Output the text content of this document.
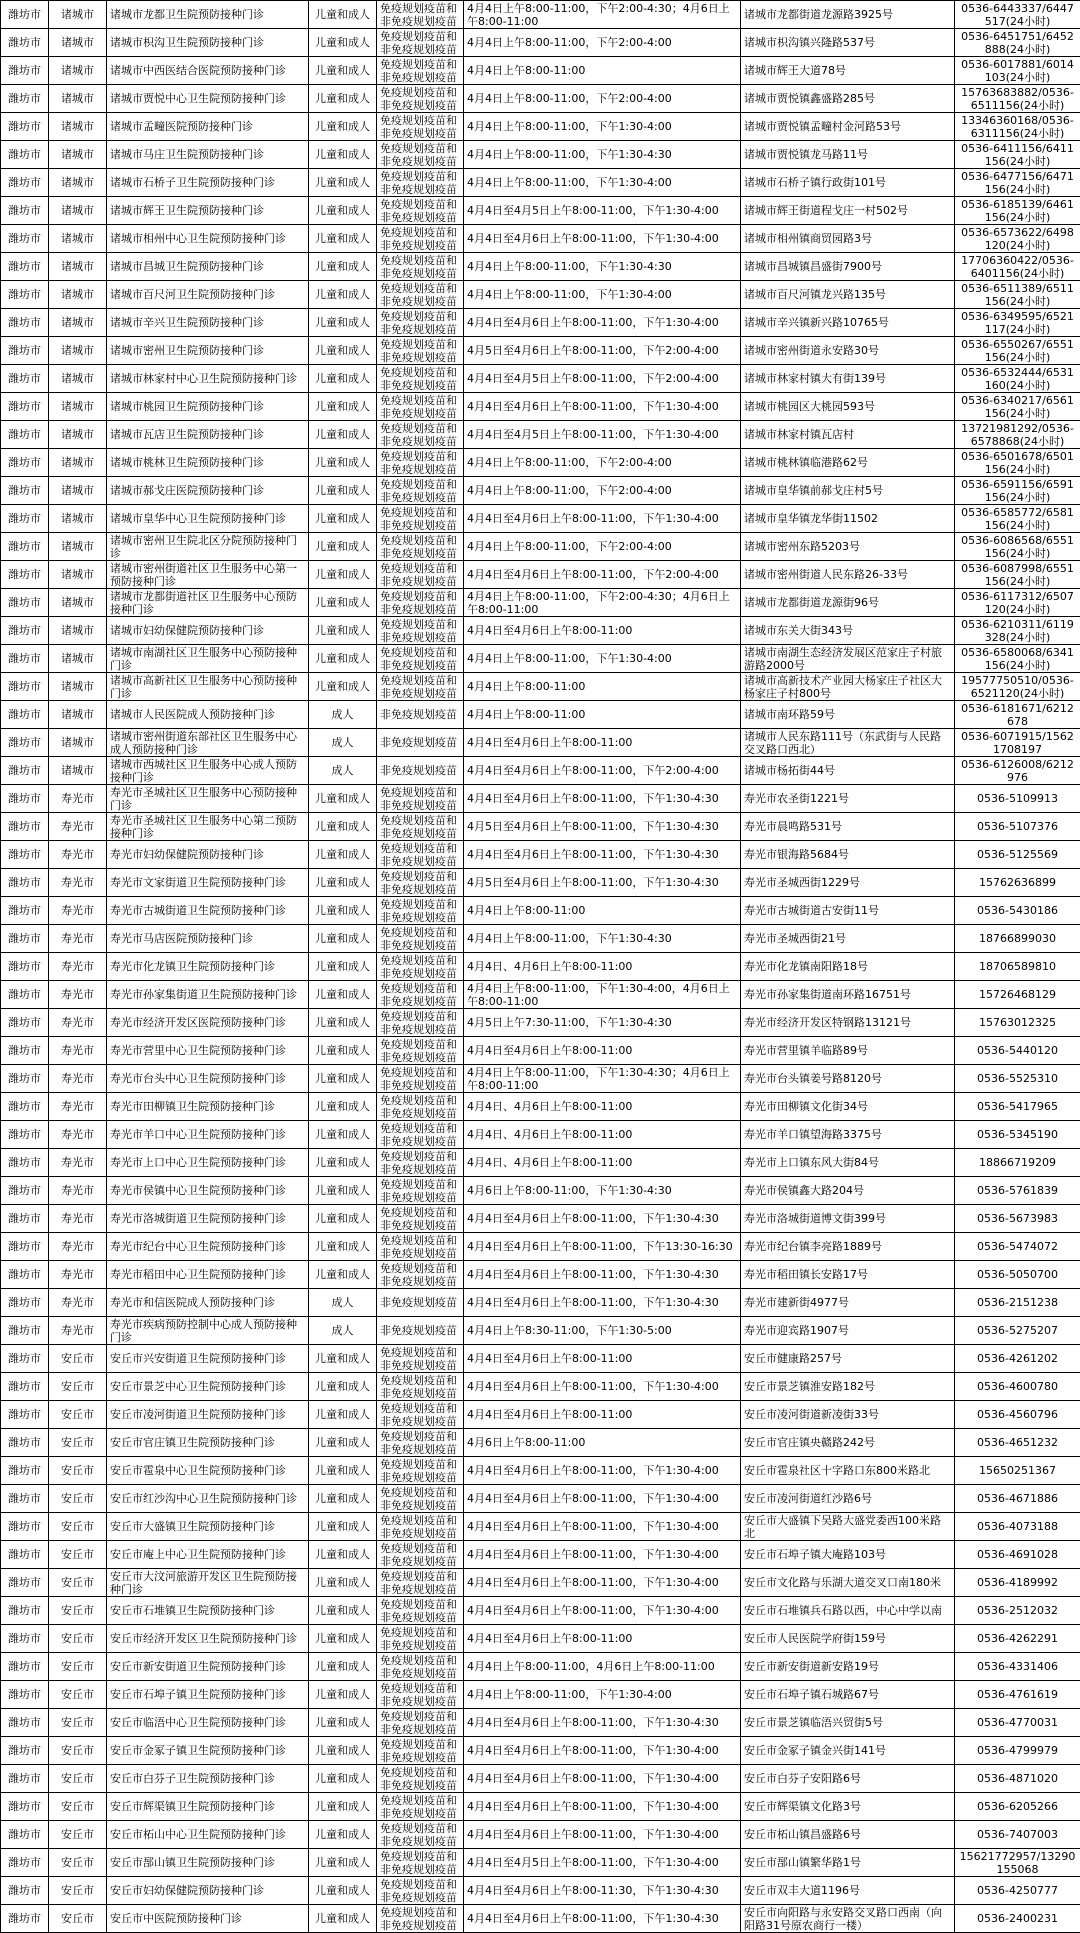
潍坊市	诸城市	诸城市龙都卫生院预防接种门诊	儿童和成人	免疫规划疫苗和非免疫规划疫苗	4月4日上午8:00-11:00，下午2:00-4:30；4月6日上午8:00-11:00	诸城市龙都街道龙源路3925号	0536-6443337/6447517(24小时)
潍坊市	诸城市	诸城市枳沟卫生院预防接种门诊	儿童和成人	免疫规划疫苗和非免疫规划疫苗	4月4日上午8:00-11:00，下午2:00-4:00	诸城市枳沟镇兴隆路537号	0536-6451751/6452888(24小时)
潍坊市	诸城市	诸城市中西医结合医院预防接种门诊	儿童和成人	免疫规划疫苗和非免疫规划疫苗	4月4日上午8:00-11:00	诸城市辉王大道78号	0536-6017881/6014103(24小时)
潍坊市	诸城市	诸城市贾悦中心卫生院预防接种门诊	儿童和成人	免疫规划疫苗和非免疫规划疫苗	4月4日上午8:00-11:00，下午2:00-4:00	诸城市贾悦镇鑫盛路285号	15763683882/0536-6511156(24小时)
潍坊市	诸城市	诸城市孟疃医院预防接种门诊	儿童和成人	免疫规划疫苗和非免疫规划疫苗	4月4日上午8:00-11:00，下午1:30-4:00	诸城市贾悦镇孟疃村金河路53号	13346360168/0536-6311156(24小时)
潍坊市	诸城市	诸城市马庄卫生院预防接种门诊	儿童和成人	免疫规划疫苗和非免疫规划疫苗	4月4日上午8:00-11:00，下午1:30-4:30	诸城市贾悦镇龙马路11号	0536-6411156/6411156(24小时)
潍坊市	诸城市	诸城市石桥子卫生院预防接种门诊	儿童和成人	免疫规划疫苗和非免疫规划疫苗	4月4日上午8:00-11:00，下午1:30-4:00	诸城市石桥子镇行政街101号	0536-6477156/6471156(24小时)
潍坊市	诸城市	诸城市辉王卫生院预防接种门诊	儿童和成人	免疫规划疫苗和非免疫规划疫苗	4月4日至4月5日上午8:00-11:00，下午1:30-4:00	诸城市辉王街道程戈庄一村502号	0536-6185139/6461156(24小时)
潍坊市	诸城市	诸城市相州中心卫生院预防接种门诊	儿童和成人	免疫规划疫苗和非免疫规划疫苗	4月4日至4月6日上午8:00-11:00，下午1:30-4:00	诸城市相州镇商贸园路3号	0536-6573622/6498120(24小时)
潍坊市	诸城市	诸城市昌城卫生院预防接种门诊	儿童和成人	免疫规划疫苗和非免疫规划疫苗	4月4日上午8:00-11:00，下午1:30-4:30	诸城市昌城镇昌盛街7900号	17706360422/0536-6401156(24小时)
潍坊市	诸城市	诸城市百尺河卫生院预防接种门诊	儿童和成人	免疫规划疫苗和非免疫规划疫苗	4月4日上午8:00-11:00，下午1:30-4:00	诸城市百尺河镇龙兴路135号	0536-6511389/6511156(24小时)
潍坊市	诸城市	诸城市辛兴卫生院预防接种门诊	儿童和成人	免疫规划疫苗和非免疫规划疫苗	4月4日至4月6日上午8:00-11:00，下午1:30-4:00	诸城市辛兴镇新兴路10765号	0536-6349595/6521117(24小时)
潍坊市	诸城市	诸城市密州卫生院预防接种门诊	儿童和成人	免疫规划疫苗和非免疫规划疫苗	4月5日至4月6日上午8:00-11:00，下午2:00-4:00	诸城市密州街道永安路30号	0536-6550267/6551156(24小时)
潍坊市	诸城市	诸城市林家村中心卫生院预防接种门诊	儿童和成人	免疫规划疫苗和非免疫规划疫苗	4月4日至4月5日上午8:00-11:00，下午2:00-4:00	诸城市林家村镇大有街139号	0536-6532444/6531160(24小时)
潍坊市	诸城市	诸城市桃园卫生院预防接种门诊	儿童和成人	免疫规划疫苗和非免疫规划疫苗	4月4日至4月6日上午8:00-11:00，下午1:30-4:00	诸城市桃园区大桃园593号	0536-6340217/6561156(24小时)
潍坊市	诸城市	诸城市瓦店卫生院预防接种门诊	儿童和成人	免疫规划疫苗和非免疫规划疫苗	4月4日至4月5日上午8:00-11:00，下午1:30-4:00	诸城市林家村镇瓦店村	13721981292/0536-6578868(24小时)
潍坊市	诸城市	诸城市桃林卫生院预防接种门诊	儿童和成人	免疫规划疫苗和非免疫规划疫苗	4月4日上午8:00-11:00，下午2:00-4:00	诸城市桃林镇临港路62号	0536-6501678/6501156(24小时)
潍坊市	诸城市	诸城市郝戈庄医院预防接种门诊	儿童和成人	免疫规划疫苗和非免疫规划疫苗	4月4日上午8:00-11:00，下午2:00-4:00	诸城市皇华镇前郝戈庄村5号	0536-6591156/6591156(24小时)
潍坊市	诸城市	诸城市皇华中心卫生院预防接种门诊	儿童和成人	免疫规划疫苗和非免疫规划疫苗	4月4日至4月6日上午8:00-11:00，下午1:30-4:00	诸城市皇华镇龙华街11502	0536-6585772/6581156(24小时)
潍坊市	诸城市	诸城市密州卫生院北区分院预防接种门诊	儿童和成人	免疫规划疫苗和非免疫规划疫苗	4月4日上午8:00-11:00，下午2:00-4:00	诸城市密州东路5203号	0536-6086568/6551156(24小时)
潍坊市	诸城市	诸城市密州街道社区卫生服务中心第一预防接种门诊	儿童和成人	免疫规划疫苗和非免疫规划疫苗	4月4日至4月6日上午8:00-11:00，下午2:00-4:00	诸城市密州街道人民东路26-33号	0536-6087998/6551156(24小时)
潍坊市	诸城市	诸城市龙都街道社区卫生服务中心预防接种门诊	儿童和成人	免疫规划疫苗和非免疫规划疫苗	4月4日上午8:00-11:00，下午2:00-4:30；4月6日上午8:00-11:00	诸城市龙都街道龙源街96号	0536-6117312/6507120(24小时)
潍坊市	诸城市	诸城市妇幼保健院预防接种门诊	儿童和成人	免疫规划疫苗和非免疫规划疫苗	4月4日至4月6日上午8:00-11:00	诸城市东关大街343号	0536-6210311/6119328(24小时)
潍坊市	诸城市	诸城市南湖社区卫生服务中心预防接种门诊	儿童和成人	免疫规划疫苗和非免疫规划疫苗	4月4日上午8:00-11:00，下午1:30-4:00	诸城市南湖生态经济发展区范家庄子村旅游路2000号	0536-6580068/6341156(24小时)
潍坊市	诸城市	诸城市高新社区卫生服务中心预防接种门诊	儿童和成人	免疫规划疫苗和非免疫规划疫苗	4月4日上午8:00-11:00	诸城市高新技术产业园大杨家庄子社区大杨家庄子村800号	19577750510/0536-6521120(24小时)
潍坊市	诸城市	诸城市人民医院成人预防接种门诊	成人	非免疫规划疫苗	4月4日上午8:00-11:00	诸城市南环路59号	0536-6181671/6212678
潍坊市	诸城市	诸城市密州街道东部社区卫生服务中心成人预防接种门诊	成人	非免疫规划疫苗	4月4日至4月6日上午8:00-11:00	诸城市人民东路111号（东武街与人民路交叉路口西北）	0536-6071915/15621708197
潍坊市	诸城市	诸城市西城社区卫生服务中心成人预防接种门诊	成人	非免疫规划疫苗	4月4日至4月6日上午8:00-11:00，下午2:00-4:00	诸城市杨拓街44号	0536-6126008/6212976
潍坊市	寿光市	寿光市圣城社区卫生服务中心预防接种门诊	儿童和成人	免疫规划疫苗和非免疫规划疫苗	4月4日至4月6日上午8:00-11:00，下午1:30-4:30	寿光市农圣街1221号	0536-5109913
潍坊市	寿光市	寿光市圣城社区卫生服务中心第二预防接种门诊	儿童和成人	免疫规划疫苗和非免疫规划疫苗	4月5日至4月6日上午8:00-11:00，下午1:30-4:30	寿光市晨鸣路531号	0536-5107376
潍坊市	寿光市	寿光市妇幼保健院预防接种门诊	儿童和成人	免疫规划疫苗和非免疫规划疫苗	4月4日至4月6日上午8:00-11:00，下午1:30-4:30	寿光市银海路5684号	0536-5125569
潍坊市	寿光市	寿光市文家街道卫生院预防接种门诊	儿童和成人	免疫规划疫苗和非免疫规划疫苗	4月5日至4月6日上午8:00-11:00，下午1:30-4:30	寿光市圣城西街1229号	15762636899
潍坊市	寿光市	寿光市古城街道卫生院预防接种门诊	儿童和成人	免疫规划疫苗和非免疫规划疫苗	4月4日上午8:00-11:00	寿光市古城街道古安街11号	0536-5430186
潍坊市	寿光市	寿光市马店医院预防接种门诊	儿童和成人	免疫规划疫苗和非免疫规划疫苗	4月4日上午8:00-11:00，下午1:30-4:30	寿光市圣城西街21号	18766899030
潍坊市	寿光市	寿光市化龙镇卫生院预防接种门诊	儿童和成人	免疫规划疫苗和非免疫规划疫苗	4月4日、4月6日上午8:00-11:00	寿光市化龙镇南阳路18号	18706589810
潍坊市	寿光市	寿光市孙家集街道卫生院预防接种门诊	儿童和成人	免疫规划疫苗和非免疫规划疫苗	4月4日上午8:00-11:00，下午1:30-4:00，4月6日上午8:00-11:00	寿光市孙家集街道南环路16751号	15726468129
潍坊市	寿光市	寿光市经济开发区医院预防接种门诊	儿童和成人	免疫规划疫苗和非免疫规划疫苗	4月5日上午7:30-11:00，下午1:30-4:30	寿光市经济开发区特钢路13121号	15763012325
潍坊市	寿光市	寿光市营里中心卫生院预防接种门诊	儿童和成人	免疫规划疫苗和非免疫规划疫苗	4月4日至4月6日上午8:00-11:00	寿光市营里镇羊临路89号	0536-5440120
潍坊市	寿光市	寿光市台头中心卫生院预防接种门诊	儿童和成人	免疫规划疫苗和非免疫规划疫苗	4月4日上午8:00-11:00，下午1:30-4:30；4月6日上午8:00-11:00	寿光市台头镇姜号路8120号	0536-5525310
潍坊市	寿光市	寿光市田柳镇卫生院预防接种门诊	儿童和成人	免疫规划疫苗和非免疫规划疫苗	4月4日、4月6日上午8:00-11:00	寿光市田柳镇文化街34号	0536-5417965
潍坊市	寿光市	寿光市羊口中心卫生院预防接种门诊	儿童和成人	免疫规划疫苗和非免疫规划疫苗	4月4日、4月6日上午8:00-11:00	寿光市羊口镇望海路3375号	0536-5345190
潍坊市	寿光市	寿光市上口中心卫生院预防接种门诊	儿童和成人	免疫规划疫苗和非免疫规划疫苗	4月4日、4月6日上午8:00-11:00	寿光市上口镇东风大街84号	18866719209
潍坊市	寿光市	寿光市侯镇中心卫生院预防接种门诊	儿童和成人	免疫规划疫苗和非免疫规划疫苗	4月6日上午8:00-11:00，下午1:30-4:30	寿光市侯镇鑫大路204号	0536-5761839
潍坊市	寿光市	寿光市洛城街道卫生院预防接种门诊	儿童和成人	免疫规划疫苗和非免疫规划疫苗	4月4日至4月6日上午8:00-11:00，下午1:30-4:30	寿光市洛城街道博文街399号	0536-5673983
潍坊市	寿光市	寿光市纪台中心卫生院预防接种门诊	儿童和成人	免疫规划疫苗和非免疫规划疫苗	4月4日至4月6日上午8:00-11:00，下午13:30-16:30	寿光市纪台镇李亮路1889号	0536-5474072
潍坊市	寿光市	寿光市稻田中心卫生院预防接种门诊	儿童和成人	免疫规划疫苗和非免疫规划疫苗	4月4日至4月6日上午8:00-11:00，下午1:30-4:30	寿光市稻田镇长安路17号	0536-5050700
潍坊市	寿光市	寿光市和信医院成人预防接种门诊	成人	非免疫规划疫苗	4月4日至4月6日上午8:00-11:00，下午1:30-4:30	寿光市建新街4977号	0536-2151238
潍坊市	寿光市	寿光市疾病预防控制中心成人预防接种门诊	成人	非免疫规划疫苗	4月4日上午8:30-11:00，下午1:30-5:00	寿光市迎宾路1907号	0536-5275207
潍坊市	安丘市	安丘市兴安街道卫生院预防接种门诊	儿童和成人	免疫规划疫苗和非免疫规划疫苗	4月4日至4月6日上午8:00-11:00	安丘市健康路257号	0536-4261202
潍坊市	安丘市	安丘市景芝中心卫生院预防接种门诊	儿童和成人	免疫规划疫苗和非免疫规划疫苗	4月4日至4月6日上午8:00-11:00，下午1:30-4:00	安丘市景芝镇淮安路182号	0536-4600780
潍坊市	安丘市	安丘市凌河街道卫生院预防接种门诊	儿童和成人	免疫规划疫苗和非免疫规划疫苗	4月4日至4月6日上午8:00-11:00	安丘市凌河街道新凌街33号	0536-4560796
潍坊市	安丘市	安丘市官庄镇卫生院预防接种门诊	儿童和成人	免疫规划疫苗和非免疫规划疫苗	4月6日上午8:00-11:00	安丘市官庄镇央赣路242号	0536-4651232
潍坊市	安丘市	安丘市雹泉中心卫生院预防接种门诊	儿童和成人	免疫规划疫苗和非免疫规划疫苗	4月4日至4月6日上午8:00-11:00，下午1:30-4:00	安丘市雹泉社区十字路口东800米路北	15650251367
潍坊市	安丘市	安丘市红沙沟中心卫生院预防接种门诊	儿童和成人	免疫规划疫苗和非免疫规划疫苗	4月4日至4月6日上午8:00-11:00，下午1:30-4:00	安丘市凌河街道红沙路6号	0536-4671886
潍坊市	安丘市	安丘市大盛镇卫生院预防接种门诊	儿童和成人	免疫规划疫苗和非免疫规划疫苗	4月4日至4月6日上午8:00-11:00，下午1:30-4:00	安丘市大盛镇下吴路大盛党委西100米路北	0536-4073188
潍坊市	安丘市	安丘市庵上中心卫生院预防接种门诊	儿童和成人	免疫规划疫苗和非免疫规划疫苗	4月4日至4月6日上午8:00-11:00，下午1:30-4:00	安丘市石埠子镇大庵路103号	0536-4691028
潍坊市	安丘市	安丘市大汶河旅游开发区卫生院预防接种门诊	儿童和成人	免疫规划疫苗和非免疫规划疫苗	4月4日至4月6日上午8:00-11:00，下午1:30-4:00	安丘市文化路与乐湖大道交叉口南180米	0536-4189992
潍坊市	安丘市	安丘市石堆镇卫生院预防接种门诊	儿童和成人	免疫规划疫苗和非免疫规划疫苗	4月4日至4月6日上午8:00-11:00，下午1:30-4:00	安丘市石堆镇兵石路以西，中心中学以南	0536-2512032
潍坊市	安丘市	安丘市经济开发区卫生院预防接种门诊	儿童和成人	免疫规划疫苗和非免疫规划疫苗	4月4日至4月6日上午8:00-11:00	安丘市人民医院学府街159号	0536-4262291
潍坊市	安丘市	安丘市新安街道卫生院预防接种门诊	儿童和成人	免疫规划疫苗和非免疫规划疫苗	4月4日上午8:00-11:00，4月6日上午8:00-11:00	安丘市新安街道新安路19号	0536-4331406
潍坊市	安丘市	安丘市石埠子镇卫生院预防接种门诊	儿童和成人	免疫规划疫苗和非免疫规划疫苗	4月4日上午8:00-11:00，下午1:30-4:00	安丘市石埠子镇石城路67号	0536-4761619
潍坊市	安丘市	安丘市临浯中心卫生院预防接种门诊	儿童和成人	免疫规划疫苗和非免疫规划疫苗	4月4日至4月6日上午8:00-11:00，下午1:30-4:30	安丘市景芝镇临浯兴贸街5号	0536-4770031
潍坊市	安丘市	安丘市金冢子镇卫生院预防接种门诊	儿童和成人	免疫规划疫苗和非免疫规划疫苗	4月4日至4月6日上午8:00-11:00，下午1:30-4:00	安丘市金冢子镇金兴街141号	0536-4799979
潍坊市	安丘市	安丘市白芬子卫生院预防接种门诊	儿童和成人	免疫规划疫苗和非免疫规划疫苗	4月4日至4月6日上午8:00-11:00，下午1:30-4:00	安丘市白芬子安阳路6号	0536-4871020
潍坊市	安丘市	安丘市辉渠镇卫生院预防接种门诊	儿童和成人	免疫规划疫苗和非免疫规划疫苗	4月4日至4月6日上午8:00-11:00，下午1:30-4:00	安丘市辉渠镇文化路3号	0536-6205266
潍坊市	安丘市	安丘市柘山中心卫生院预防接种门诊	儿童和成人	免疫规划疫苗和非免疫规划疫苗	4月4日至4月6日上午8:00-11:00，下午1:30-4:00	安丘市柘山镇昌盛路6号	0536-7407003
潍坊市	安丘市	安丘市郚山镇卫生院预防接种门诊	儿童和成人	免疫规划疫苗和非免疫规划疫苗	4月4日至4月5日上午8:00-11:00，下午1:30-4:00	安丘市郚山镇繁华路1号	15621772957/13290155068
潍坊市	安丘市	安丘市妇幼保健院预防接种门诊	儿童和成人	免疫规划疫苗和非免疫规划疫苗	4月4日至4月6日上午8:00-11:30，下午1:30-4:30	安丘市双丰大道1196号	0536-4250777
潍坊市	安丘市	安丘市中医院预防接种门诊	儿童和成人	免疫规划疫苗和非免疫规划疫苗	4月4日至4月6日上午8:00-11:00，下午1:30-4:30	安丘市向阳路与永安路交叉路口西南（向阳路31号原农商行一楼）	0536-2400231
